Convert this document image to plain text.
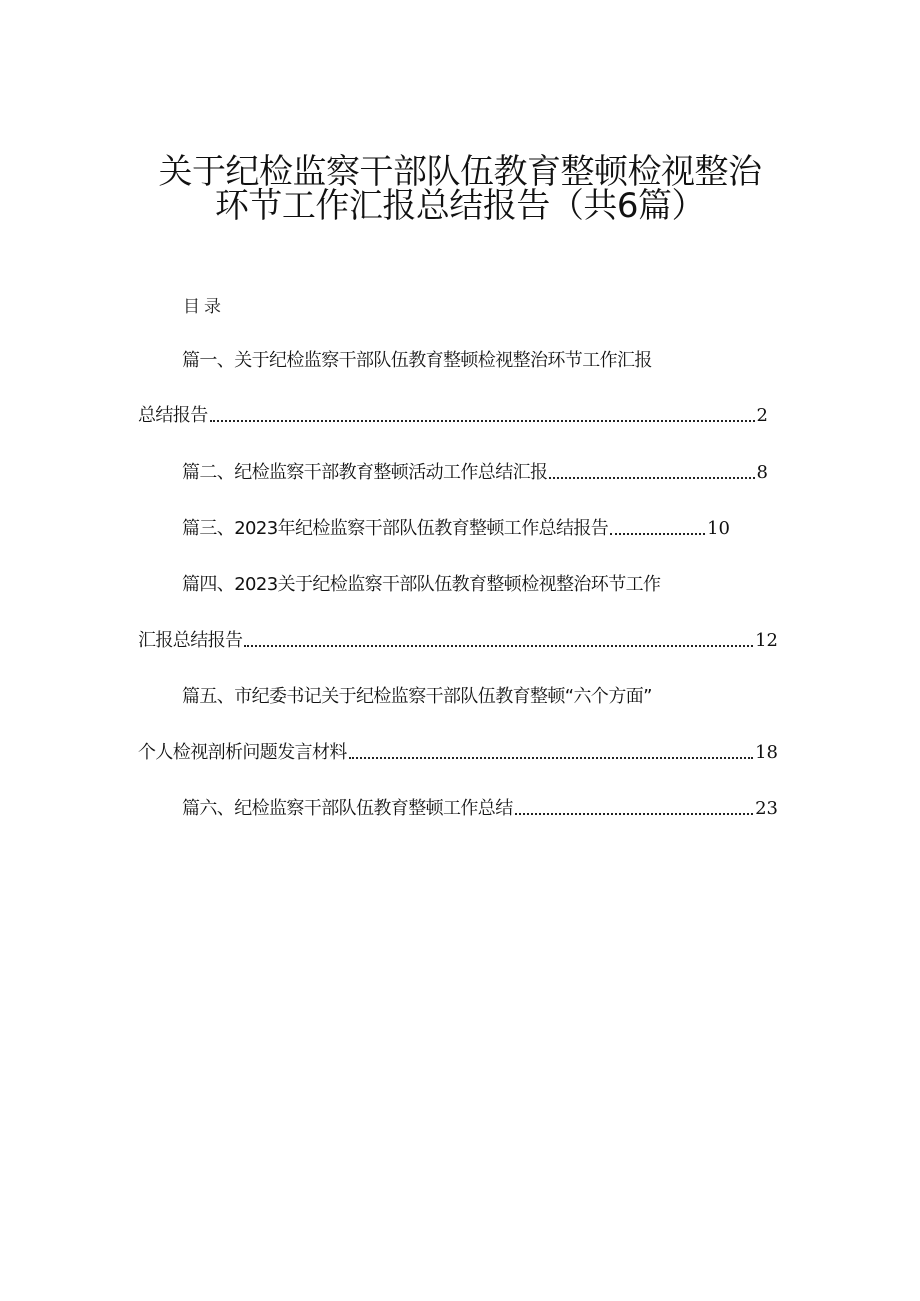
关于纪检监察干部队伍教育整顿检视整治
环节工作汇报总结报告（共6篇）
目录
篇一、关于纪检监察干部队伍教育整顿检视整治环节工作汇报
总结报告	2
篇二、纪检监察干部教育整顿活动工作总结汇报	8
篇三、2023年纪检监察干部队伍教育整顿工作总结报告	10
篇四、2023关于纪检监察干部队伍教育整顿检视整治环节工作
汇报总结报告	12
篇五、市纪委书记关于纪检监察干部队伍教育整顿“六个方面”
个人检视剖析问题发言材料	18
篇六、纪检监察干部队伍教育整顿工作总结	23
